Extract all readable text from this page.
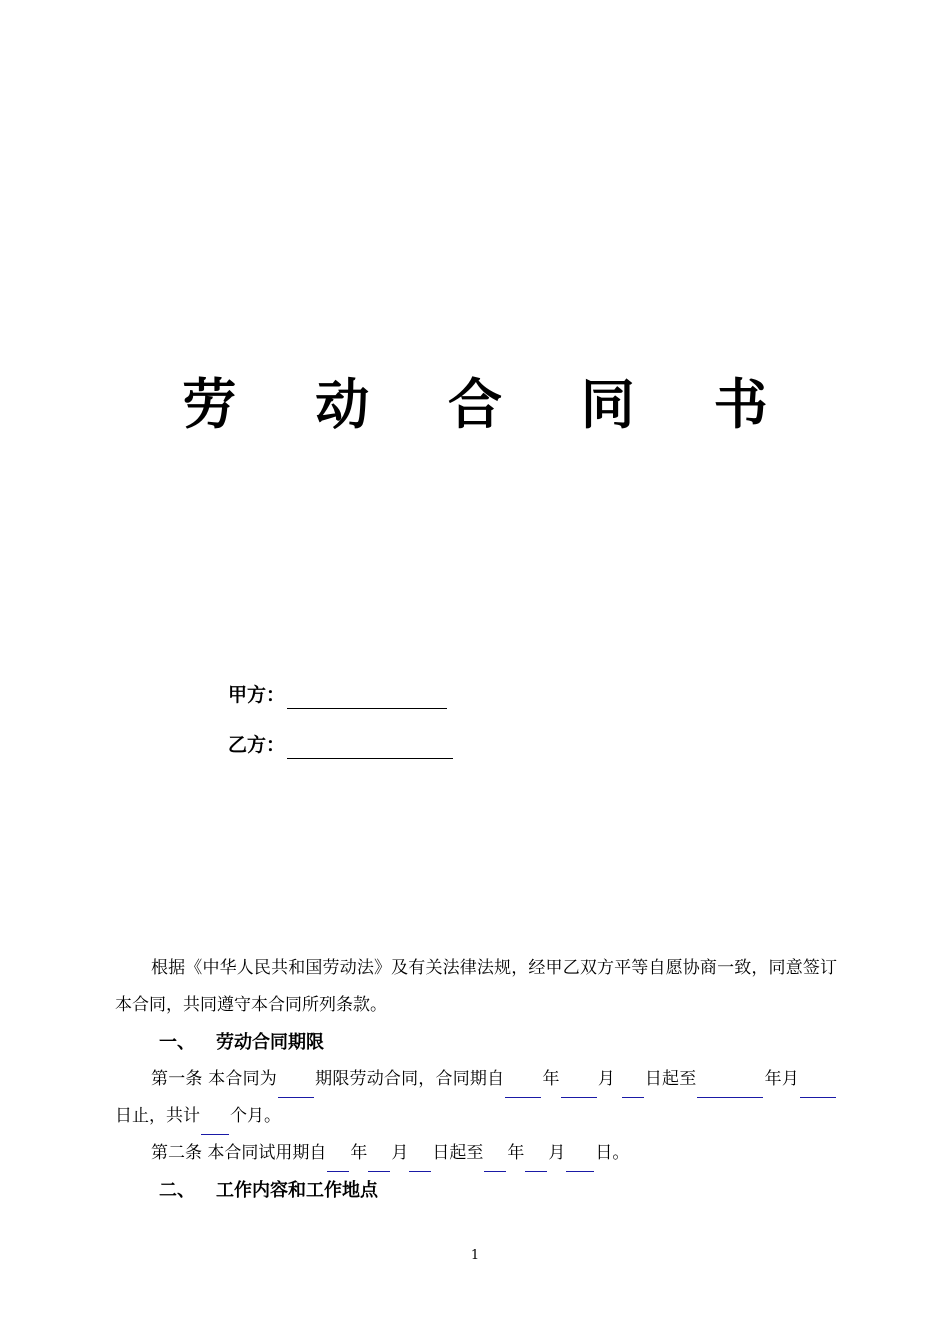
劳 动 合 同 书
甲方：
乙方：

根据《中华人民共和国劳动法》及有关法律法规，经甲乙双方平等自愿协商一致，同意签订本合同，共同遵守本合同所列条款。

一、 劳动合同期限

第一条 本合同为 期限劳动合同，合同期自 年 月 日起至	年月日止，共计 个月。

第二条 本合同试用期自 年 月 日起至 年 月 日。

二、 工作内容和工作地点

1
